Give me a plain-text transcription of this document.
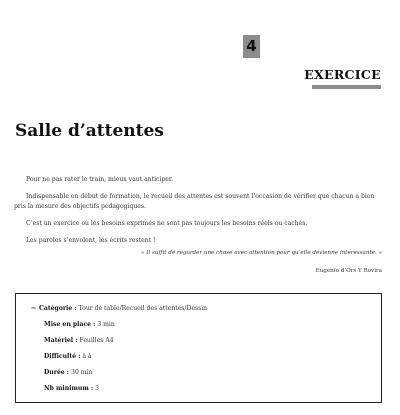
4
EXERCICE
Salle d’attentes

Pour ne pas rater le train, mieux vaut anticiper.

Indispensable en début de formation, le recueil des attentes est souvent l’occasion de vérifier que chacun a bien pris la mesure des objectifs pédagogiques.

C’est un exercice où les besoins exprimés ne sont pas toujours les besoins réels ou cachés.

Les paroles s’envolent, les écrits restent !

« Il suffit de regarder une chose avec attention pour qu’elle devienne intéressante. »
Eugenio d’Ors Y Rovira
⇒ Catégorie : Tour de table/Recueil des attentes/Dessin
Mise en place : 3 min
Matériel : Feuilles A4
Difficulté : à à
Durée : 30 min
Nb minimum : 3
